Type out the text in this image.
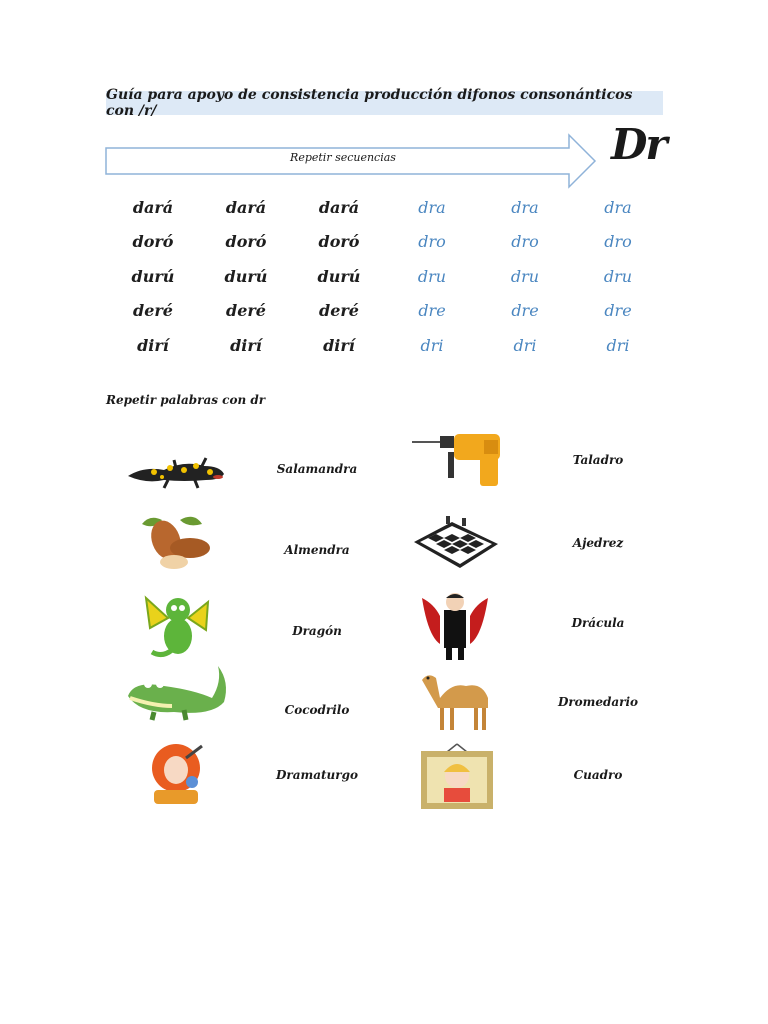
Guía para apoyo de consistencia producción difonos consonánticos con /r/
Repetir secuencias	Dr
dará	dará	dará	dra	dra	dra
doró	doró	doró	dro	dro	dro
durú	durú	durú	dru	dru	dru
deré	deré	deré	dre	dre	dre
dirí	dirí	dirí	dri	dri	dri
Repetir palabras con dr
Salamandra
Almendra
Dragón
Cocodrilo
Dramaturgo
Taladro
Ajedrez
Drácula
Dromedario
Cuadro
